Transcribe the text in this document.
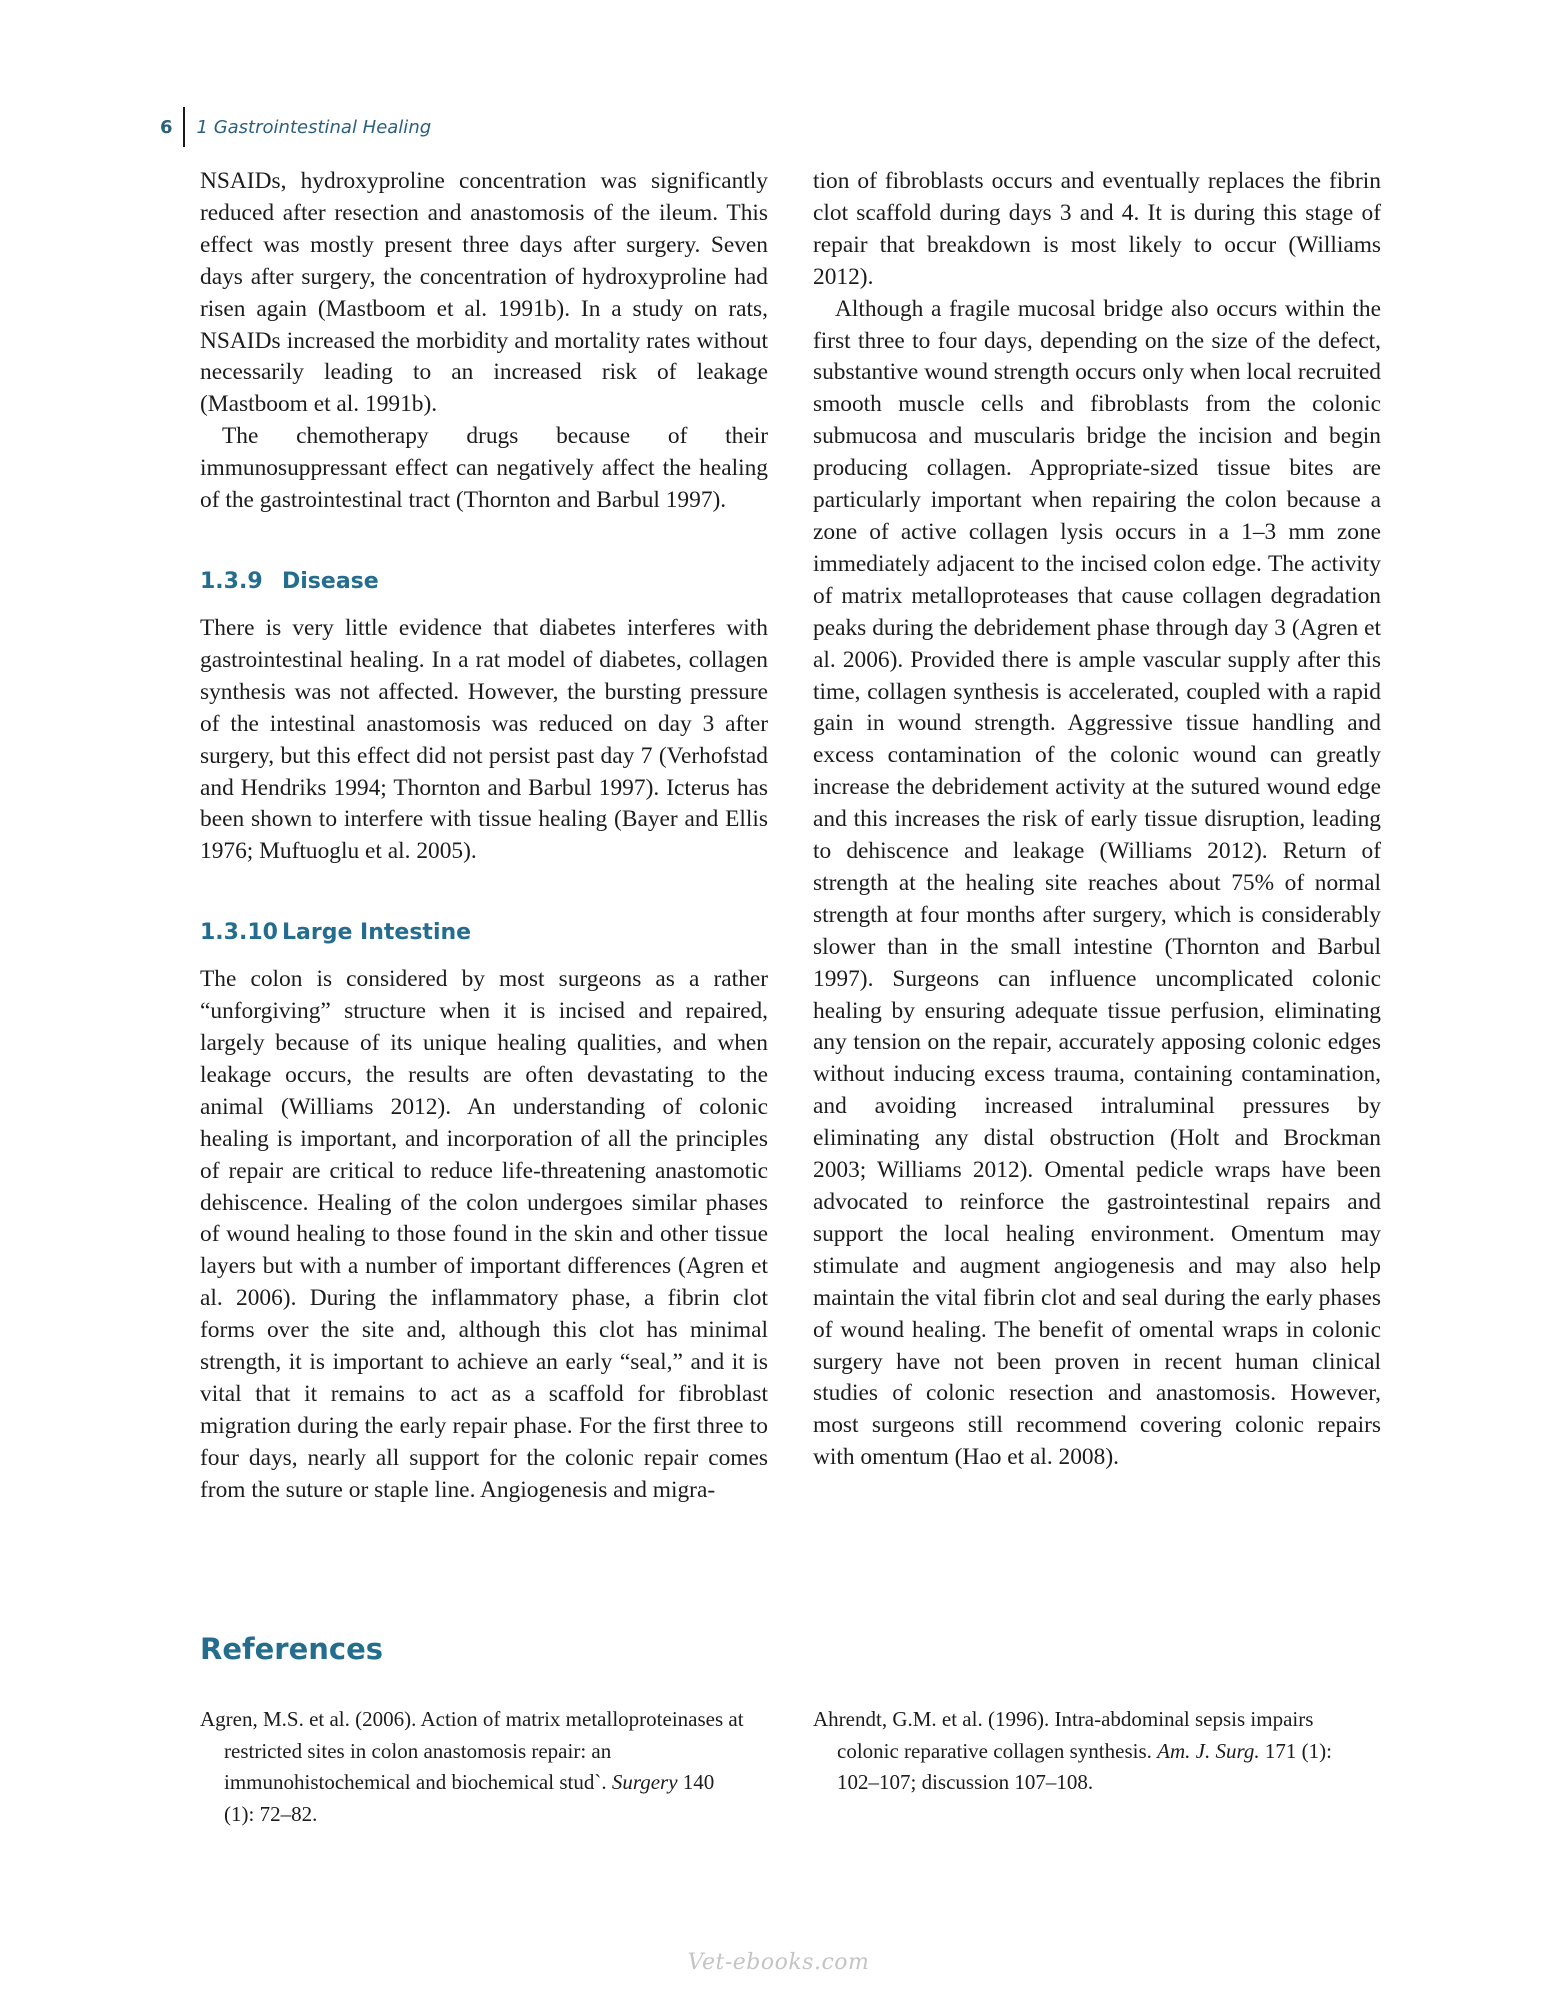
6	1 Gastrointestinal Healing

NSAIDs, hydroxyproline concentration was significantly reduced after resection and anastomosis of the ileum. This effect was mostly present three days after surgery. Seven days after surgery, the concentration of hydroxyproline had risen again (Mastboom et al. 1991b). In a study on rats, NSAIDs increased the morbidity and mortality rates without necessarily leading to an increased risk of leakage (Mastboom et al. 1991b).

The chemotherapy drugs because of their immunosuppressant effect can negatively affect the healing of the gastrointestinal tract (Thornton and Barbul 1997).

1.3.9 Disease

There is very little evidence that diabetes interferes with gastrointestinal healing. In a rat model of diabetes, collagen synthesis was not affected. However, the bursting pressure of the intestinal anastomosis was reduced on day 3 after surgery, but this effect did not persist past day 7 (Verhofstad and Hendriks 1994; Thornton and Barbul 1997). Icterus has been shown to interfere with tissue healing (Bayer and Ellis 1976; Muftuoglu et al. 2005).

1.3.10 Large Intestine

The colon is considered by most surgeons as a rather “unforgiving” structure when it is incised and repaired, largely because of its unique healing qualities, and when leakage occurs, the results are often devastating to the animal (Williams 2012). An understanding of colonic healing is important, and incorporation of all the principles of repair are critical to reduce life-threatening anastomotic dehiscence. Healing of the colon undergoes similar phases of wound healing to those found in the skin and other tissue layers but with a number of important differences (Agren et al. 2006). During the inflammatory phase, a fibrin clot forms over the site and, although this clot has minimal strength, it is important to achieve an early “seal,” and it is vital that it remains to act as a scaffold for fibroblast migration during the early repair phase. For the first three to four days, nearly all support for the colonic repair comes from the suture or staple line. Angiogenesis and migra-

tion of fibroblasts occurs and eventually replaces the fibrin clot scaffold during days 3 and 4. It is during this stage of repair that breakdown is most likely to occur (Williams 2012).

Although a fragile mucosal bridge also occurs within the first three to four days, depending on the size of the defect, substantive wound strength occurs only when local recruited smooth muscle cells and fibroblasts from the colonic submucosa and muscularis bridge the incision and begin producing collagen. Appropriate-sized tissue bites are particularly important when repairing the colon because a zone of active collagen lysis occurs in a 1–3 mm zone immediately adjacent to the incised colon edge. The activity of matrix metalloproteases that cause collagen degradation peaks during the debridement phase through day 3 (Agren et al. 2006). Provided there is ample vascular supply after this time, collagen synthesis is accelerated, coupled with a rapid gain in wound strength. Aggressive tissue handling and excess contamination of the colonic wound can greatly increase the debridement activity at the sutured wound edge and this increases the risk of early tissue disruption, leading to dehiscence and leakage (Williams 2012). Return of strength at the healing site reaches about 75% of normal strength at four months after surgery, which is considerably slower than in the small intestine (Thornton and Barbul 1997). Surgeons can influence uncomplicated colonic healing by ensuring adequate tissue perfusion, eliminating any tension on the repair, accurately apposing colonic edges without inducing excess trauma, containing contamination, and avoiding increased intraluminal pressures by eliminating any distal obstruction (Holt and Brockman 2003; Williams 2012). Omental pedicle wraps have been advocated to reinforce the gastrointestinal repairs and support the local healing environment. Omentum may stimulate and augment angiogenesis and may also help maintain the vital fibrin clot and seal during the early phases of wound healing. The benefit of omental wraps in colonic surgery have not been proven in recent human clinical studies of colonic resection and anastomosis. However, most surgeons still recommend covering colonic repairs with omentum (Hao et al. 2008).

References
Agren, M.S. et al. (2006). Action of matrix metalloproteinases at restricted sites in colon anastomosis repair: an immunohistochemical and biochemical stud`. Surgery 140 (1): 72–82.
Ahrendt, G.M. et al. (1996). Intra-abdominal sepsis impairs colonic reparative collagen synthesis. Am. J. Surg. 171 (1): 102–107; discussion 107–108.
Vet-ebooks.com
